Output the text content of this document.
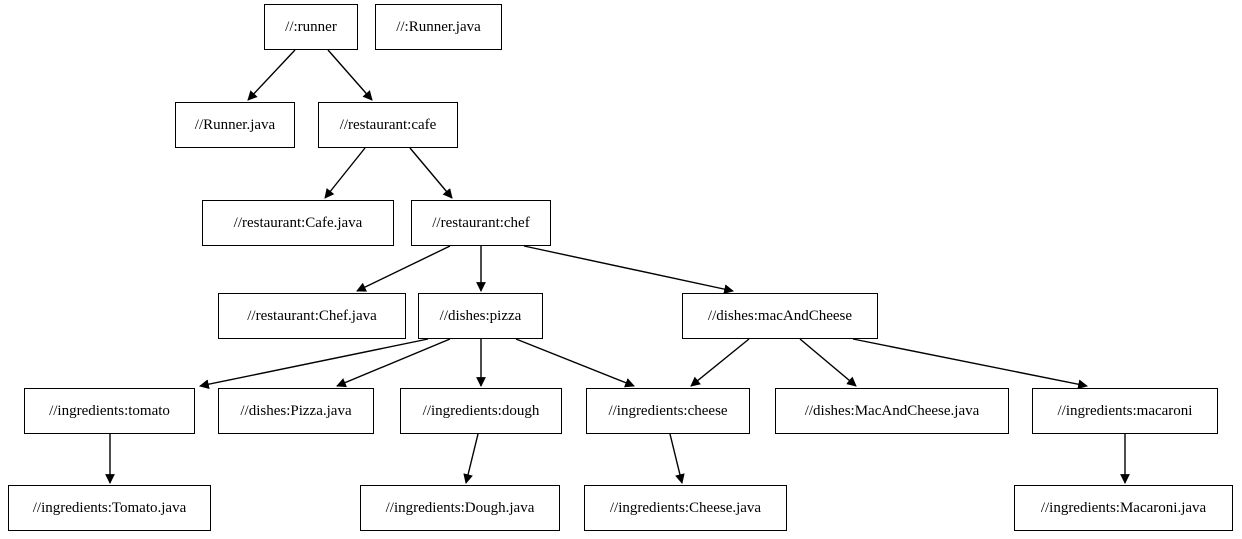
//:runner	//:Runner.java
//Runner.java	//restaurant:cafe
//restaurant:Cafe.java	//restaurant:chef
//restaurant:Chef.java	//dishes:pizza	//dishes:macAndCheese
//ingredients:tomato	//dishes:Pizza.java	//ingredients:dough	//ingredients:cheese	//dishes:MacAndCheese.java	//ingredients:macaroni
//ingredients:Tomato.java	//ingredients:Dough.java	//ingredients:Cheese.java	//ingredients:Macaroni.java
